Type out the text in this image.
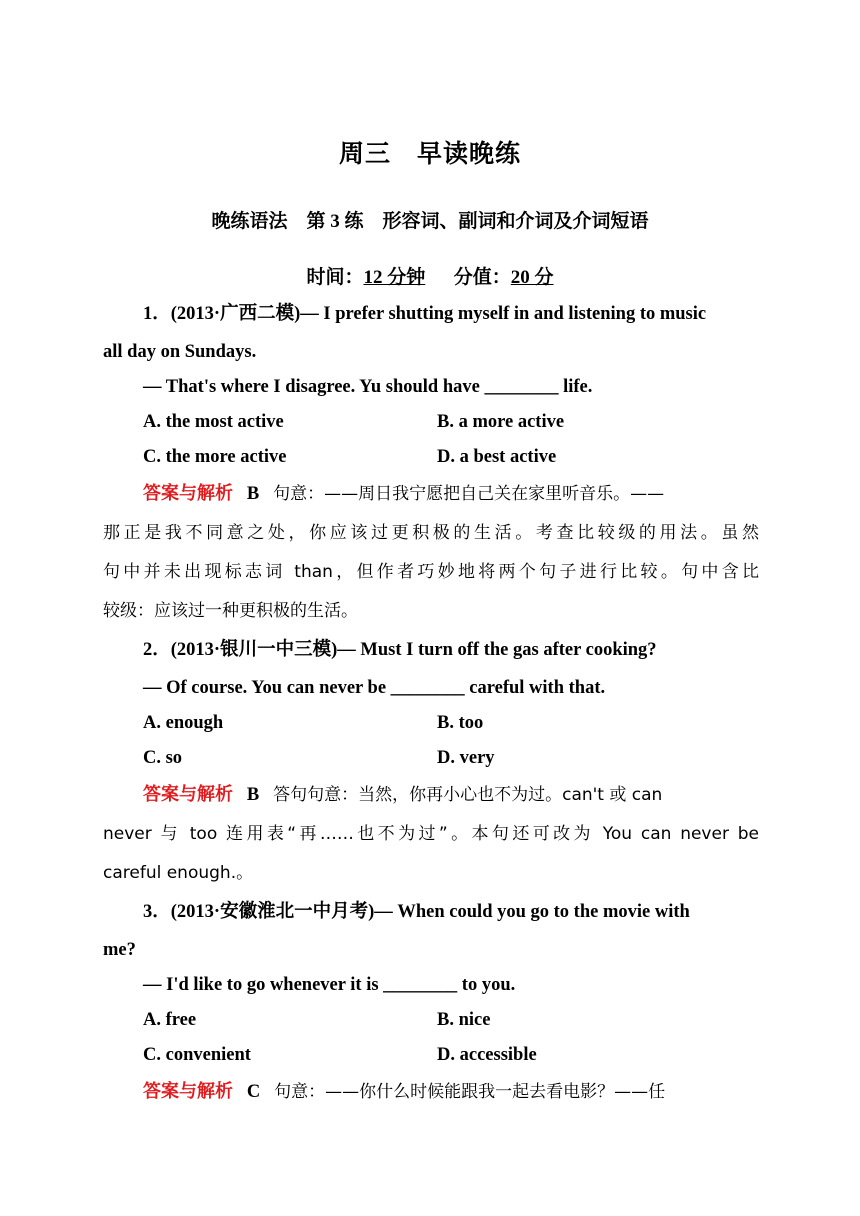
周三　早读晚练
晚练语法　第 3 练　形容词、副词和介词及介词短语
时间：12 分钟　 分值：20 分
1．(2013·广西二模)— I prefer shutting myself in and listening to music
all day on Sundays.
— That's where I disagree. Yu should have ________ life.
A. the most active	B. a more active
C. the more active	D. a best active
答案与解析 B 句意：——周日我宁愿把自己关在家里听音乐。——
那正是我不同意之处，你应该过更积极的生活。考查比较级的用法。虽然
句中并未出现标志词 than，但作者巧妙地将两个句子进行比较。句中含比
较级：应该过一种更积极的生活。
2．(2013·银川一中三模)— Must I turn off the gas after cooking?
— Of course. You can never be ________ careful with that.
A. enough	B. too
C. so	D. very
答案与解析 B 答句句意：当然，你再小心也不为过。can't 或 can
never 与 too 连用表“再……也不为过”。本句还可改为 You can never be
careful enough.。
3．(2013·安徽淮北一中月考)— When could you go to the movie with
me?
— I'd like to go whenever it is ________ to you.
A. free	B. nice
C. convenient	D. accessible
答案与解析 C 句意：——你什么时候能跟我一起去看电影？——任
